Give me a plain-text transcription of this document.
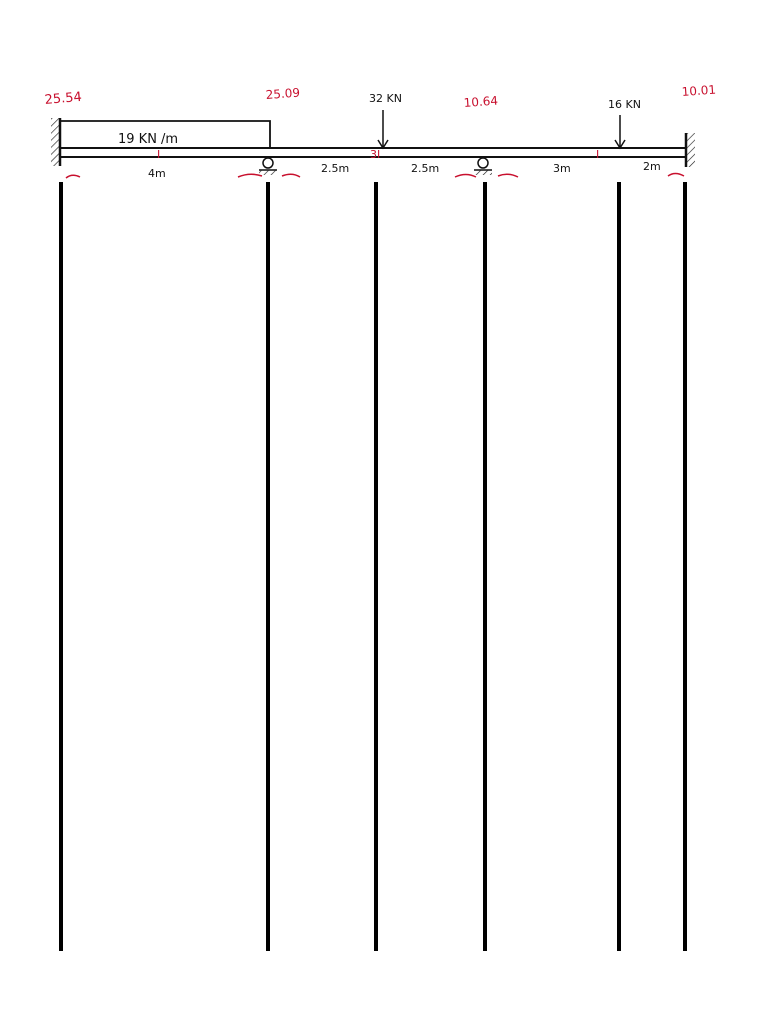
19 KN /m
32 KN	16 KN
I	3I	I
4m	2.5m	2.5m	3m	2m
25.54	25.09	10.64
10.01
